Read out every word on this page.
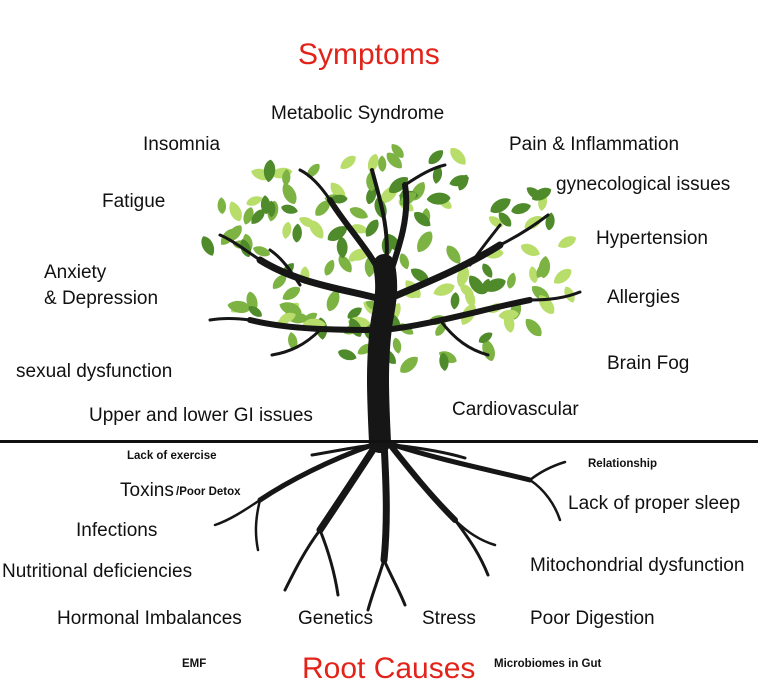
Symptoms
Root Causes
Metabolic Syndrome
Insomnia	Pain & Inflammation
gynecological issues
Fatigue
Hypertension
Anxiety
& Depression	Allergies
Brain Fog
sexual dysfunction
Upper and lower GI issues	Cardiovascular
Lack of exercise
Relationship
Toxins /Poor Detox
Lack of proper sleep
Infections
Nutritional deficiencies	Mitochondrial dysfunction
Hormonal Imbalances	Genetics	Stress	Poor Digestion
EMF	Microbiomes in Gut
